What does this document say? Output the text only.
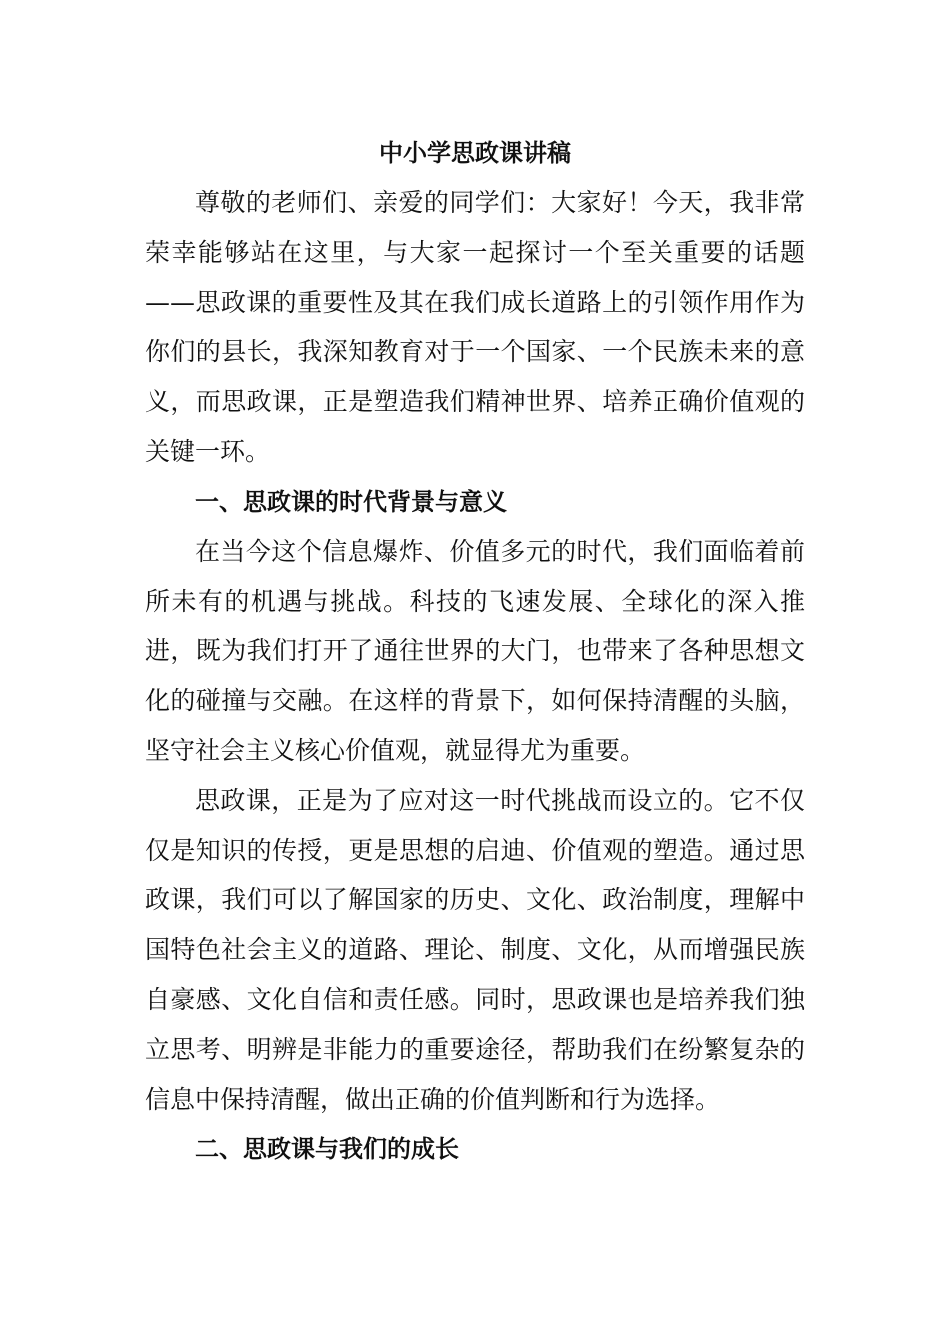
中小学思政课讲稿

尊敬的老师们、亲爱的同学们：大家好！今天，我非常荣幸能够站在这里，与大家一起探讨一个至关重要的话题——思政课的重要性及其在我们成长道路上的引领作用作为你们的县长，我深知教育对于一个国家、一个民族未来的意义，而思政课，正是塑造我们精神世界、培养正确价值观的关键一环。

一、思政课的时代背景与意义

在当今这个信息爆炸、价值多元的时代，我们面临着前所未有的机遇与挑战。科技的飞速发展、全球化的深入推进，既为我们打开了通往世界的大门，也带来了各种思想文化的碰撞与交融。在这样的背景下，如何保持清醒的头脑，坚守社会主义核心价值观，就显得尤为重要。

思政课，正是为了应对这一时代挑战而设立的。它不仅仅是知识的传授，更是思想的启迪、价值观的塑造。通过思政课，我们可以了解国家的历史、文化、政治制度，理解中国特色社会主义的道路、理论、制度、文化，从而增强民族自豪感、文化自信和责任感。同时，思政课也是培养我们独立思考、明辨是非能力的重要途径，帮助我们在纷繁复杂的信息中保持清醒，做出正确的价值判断和行为选择。

二、思政课与我们的成长
